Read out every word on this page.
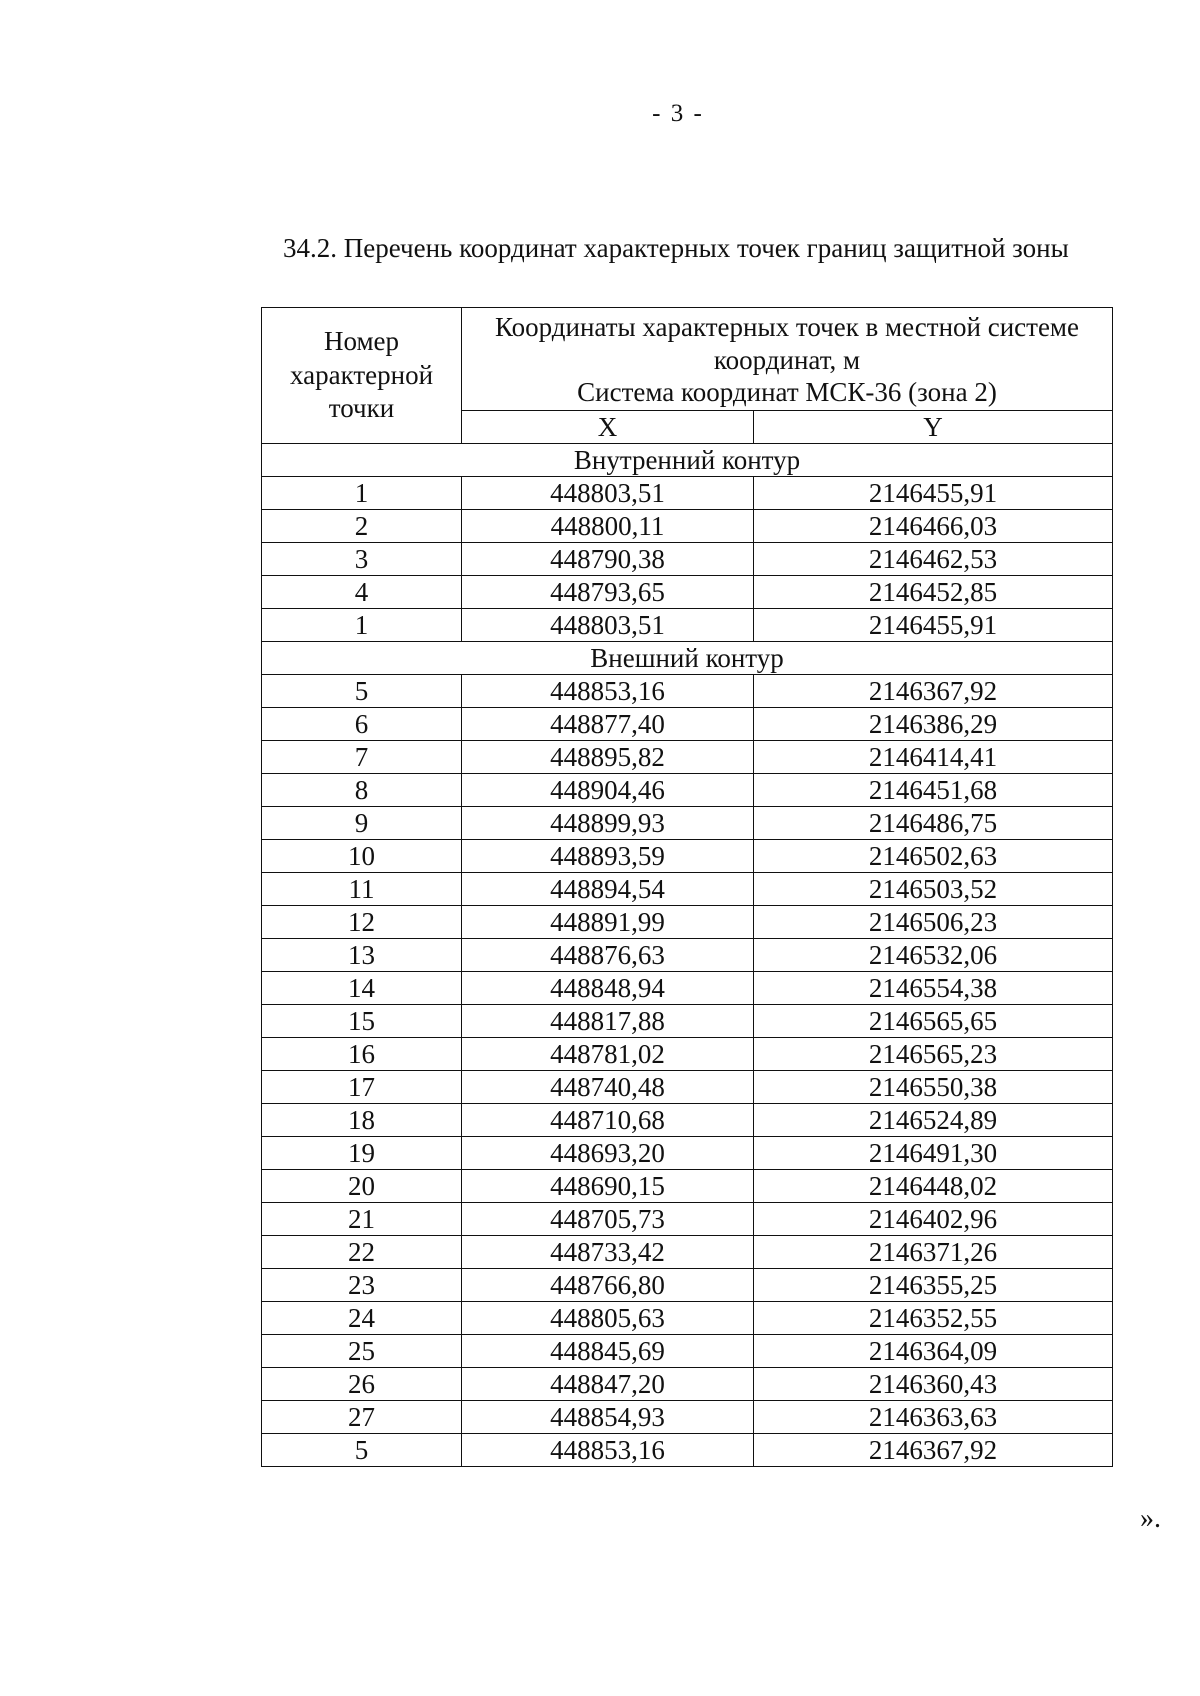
- 3 -
34.2. Перечень координат характерных точек границ защитной зоны
Номер характерной точки	Координаты характерных точек в местной системе координат, м
Система координат МСК-36 (зона 2)	

	X	Y
Внутренний контур		
1	448803,51	2146455,91
2	448800,11	2146466,03
3	448790,38	2146462,53
4	448793,65	2146452,85
1	448803,51	2146455,91
Внешний контур		
5	448853,16	2146367,92
6	448877,40	2146386,29
7	448895,82	2146414,41
8	448904,46	2146451,68
9	448899,93	2146486,75
10	448893,59	2146502,63
11	448894,54	2146503,52
12	448891,99	2146506,23
13	448876,63	2146532,06
14	448848,94	2146554,38
15	448817,88	2146565,65
16	448781,02	2146565,23
17	448740,48	2146550,38
18	448710,68	2146524,89
19	448693,20	2146491,30
20	448690,15	2146448,02
21	448705,73	2146402,96
22	448733,42	2146371,26
23	448766,80	2146355,25
24	448805,63	2146352,55
25	448845,69	2146364,09
26	448847,20	2146360,43
27	448854,93	2146363,63
5	448853,16	2146367,92
».
